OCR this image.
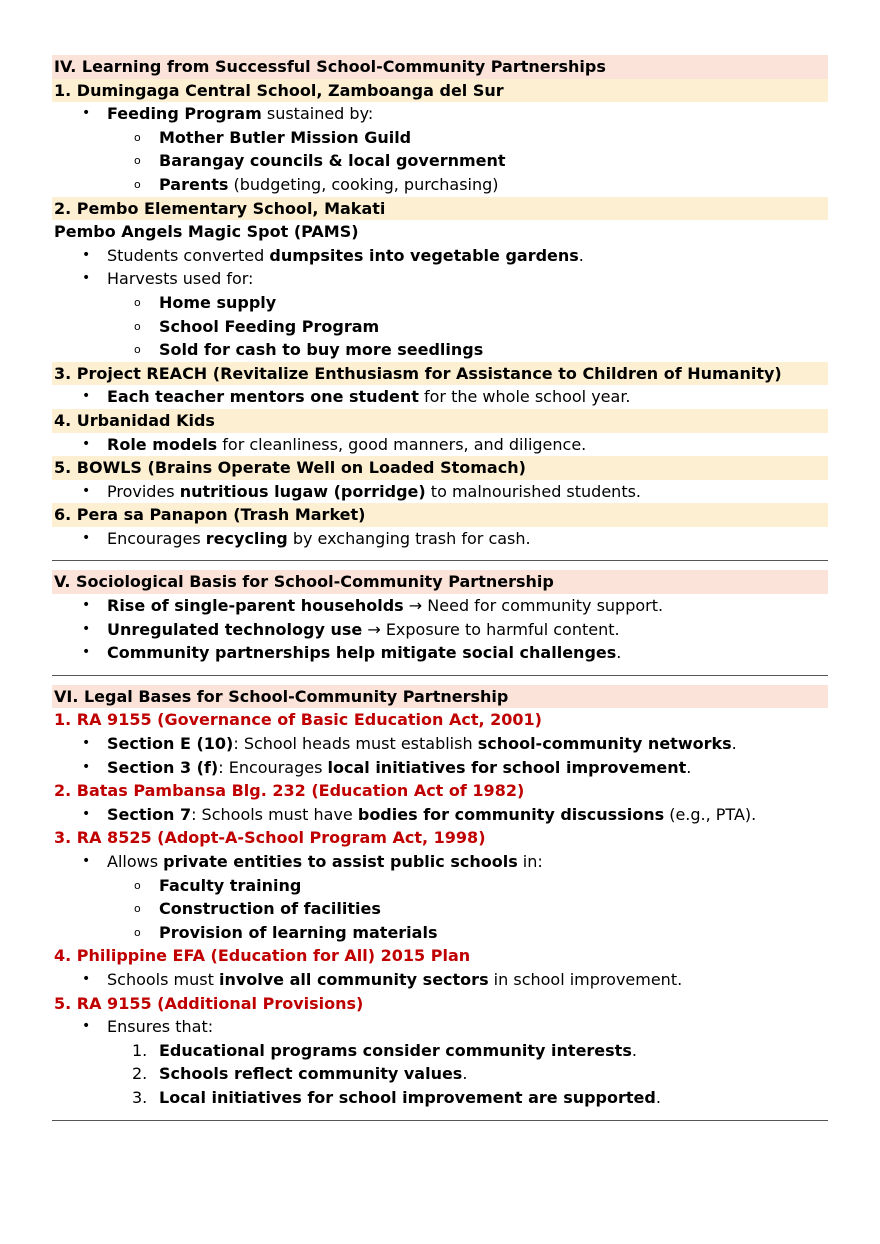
IV. Learning from Successful School-Community Partnerships
1. Dumingaga Central School, Zamboanga del Sur
• Feeding Program sustained by:
o Mother Butler Mission Guild
o Barangay councils & local government
o Parents (budgeting, cooking, purchasing)
2. Pembo Elementary School, Makati
Pembo Angels Magic Spot (PAMS)
• Students converted dumpsites into vegetable gardens.
• Harvests used for:
o Home supply
o School Feeding Program
o Sold for cash to buy more seedlings
3. Project REACH (Revitalize Enthusiasm for Assistance to Children of Humanity)
• Each teacher mentors one student for the whole school year.
4. Urbanidad Kids
• Role models for cleanliness, good manners, and diligence.
5. BOWLS (Brains Operate Well on Loaded Stomach)
• Provides nutritious lugaw (porridge) to malnourished students.
6. Pera sa Panapon (Trash Market)
• Encourages recycling by exchanging trash for cash.
V. Sociological Basis for School-Community Partnership
• Rise of single-parent households → Need for community support.
• Unregulated technology use → Exposure to harmful content.
• Community partnerships help mitigate social challenges.
VI. Legal Bases for School-Community Partnership
1. RA 9155 (Governance of Basic Education Act, 2001)
• Section E (10): School heads must establish school-community networks.
• Section 3 (f): Encourages local initiatives for school improvement.
2. Batas Pambansa Blg. 232 (Education Act of 1982)
• Section 7: Schools must have bodies for community discussions (e.g., PTA).
3. RA 8525 (Adopt-A-School Program Act, 1998)
• Allows private entities to assist public schools in:
o Faculty training
o Construction of facilities
o Provision of learning materials
4. Philippine EFA (Education for All) 2015 Plan
• Schools must involve all community sectors in school improvement.
5. RA 9155 (Additional Provisions)
• Ensures that:
1. Educational programs consider community interests.
2. Schools reflect community values.
3. Local initiatives for school improvement are supported.
